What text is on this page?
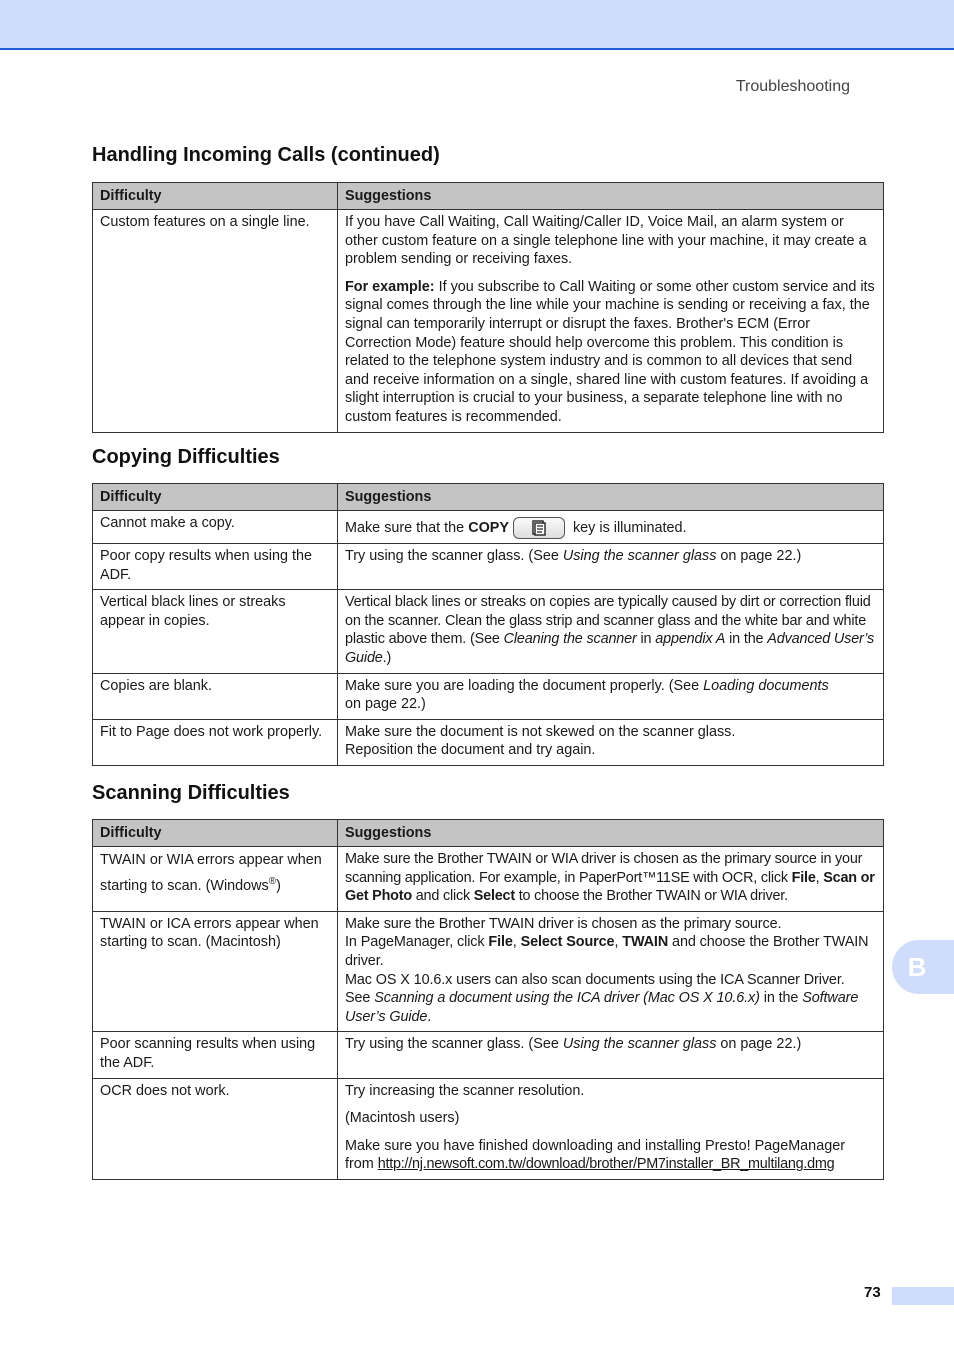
Troubleshooting
Handling Incoming Calls (continued)
Difficulty	Suggestions
Custom features on a single line.	If you have Call Waiting, Call Waiting/Caller ID, Voice Mail, an alarm system or other custom feature on a single telephone line with your machine, it may create a problem sending or receiving faxes.

For example: If you subscribe to Call Waiting or some other custom service and its signal comes through the line while your machine is sending or receiving a fax, the signal can temporarily interrupt or disrupt the faxes. Brother's ECM (Error Correction Mode) feature should help overcome this problem. This condition is related to the telephone system industry and is common to all devices that send and receive information on a single, shared line with custom features. If avoiding a slight interruption is crucial to your business, a separate telephone line with no custom features is recommended.

Copying Difficulties
Difficulty	Suggestions
Cannot make a copy.	Make sure that the COPY key is illuminated.
Poor copy results when using the ADF.	Try using the scanner glass. (See Using the scanner glass on page 22.)
Vertical black lines or streaks appear in copies.	Vertical black lines or streaks on copies are typically caused by dirt or correction fluid on the scanner. Clean the glass strip and scanner glass and the white bar and white plastic above them. (See Cleaning the scanner in appendix A in the Advanced User’s Guide.)
Copies are blank.	Make sure you are loading the document properly. (See Loading documents
on page 22.)
Fit to Page does not work properly.	Make sure the document is not skewed on the scanner glass.
Reposition the document and try again.
Scanning Difficulties
Difficulty	Suggestions
TWAIN or WIA errors appear when starting to scan. (Windows®)	Make sure the Brother TWAIN or WIA driver is chosen as the primary source in your scanning application. For example, in PaperPort™11SE with OCR, click File, Scan or Get Photo and click Select to choose the Brother TWAIN or WIA driver.
TWAIN or ICA errors appear when starting to scan. (Macintosh)	Make sure the Brother TWAIN driver is chosen as the primary source.
In PageManager, click File, Select Source, TWAIN and choose the Brother TWAIN driver.
Mac OS X 10.6.x users can also scan documents using the ICA Scanner Driver.
See Scanning a document using the ICA driver (Mac OS X 10.6.x) in the Software User’s Guide.
Poor scanning results when using the ADF.	Try using the scanner glass. (See Using the scanner glass on page 22.)
OCR does not work.	Try increasing the scanner resolution.

(Macintosh users)

Make sure you have finished downloading and installing Presto! PageManager from http://nj.newsoft.com.tw/download/brother/PM7installer_BR_multilang.dmg

B
73
